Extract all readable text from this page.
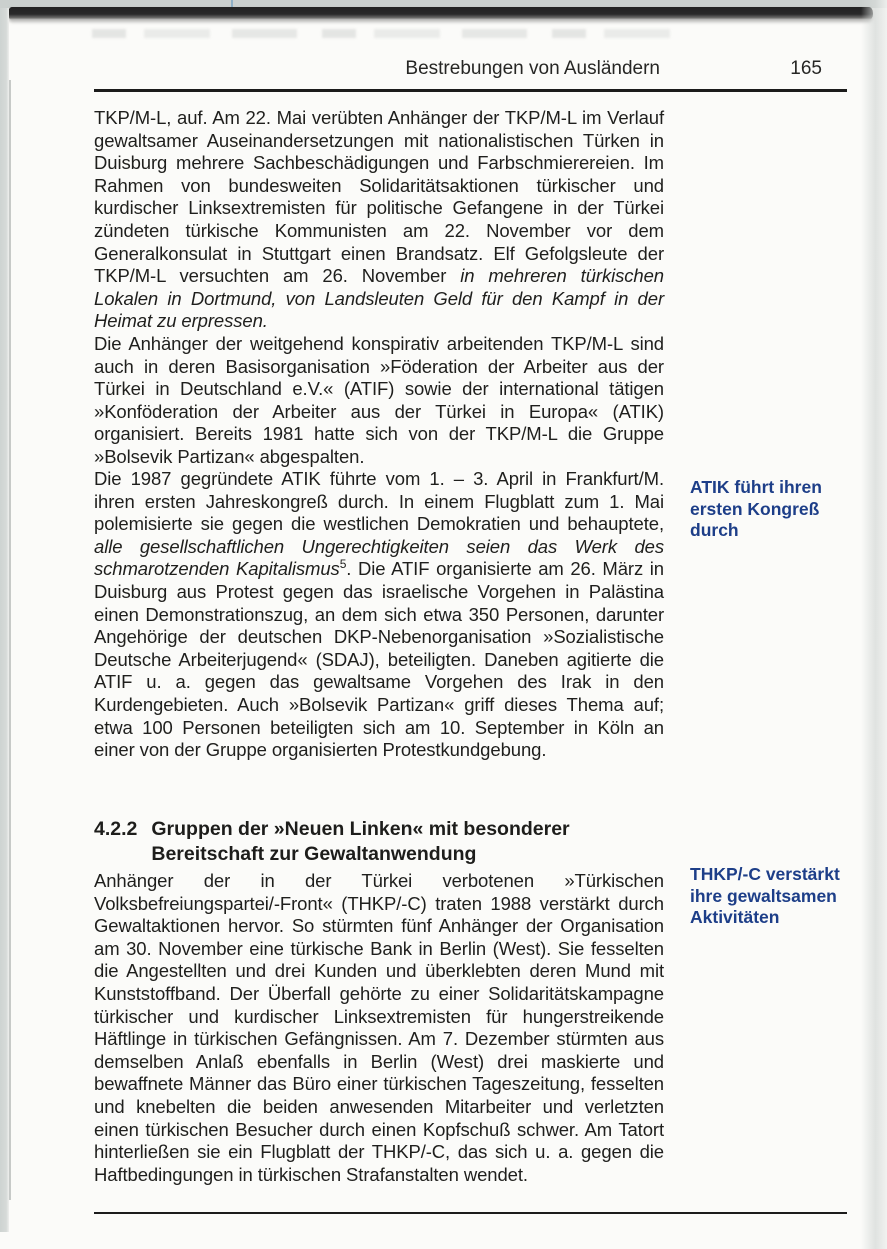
Bestrebungen von Ausländern	165

TKP/M-L, auf. Am 22. Mai verübten Anhänger der TKP/M-L im Verlauf gewaltsamer Auseinandersetzungen mit nationalistischen Türken in Duisburg mehrere Sachbeschädigungen und Farbschmierereien. Im Rahmen von bundesweiten Solidaritätsaktionen türkischer und kurdischer Linksextremisten für politische Gefangene in der Türkei zündeten türkische Kommunisten am 22. November vor dem Generalkonsulat in Stuttgart einen Brandsatz. Elf Gefolgsleute der TKP/M-L versuchten am 26. November in mehreren türkischen Lokalen in Dortmund, von Landsleuten Geld für den Kampf in der Heimat zu erpressen.

Die Anhänger der weitgehend konspirativ arbeitenden TKP/M-L sind auch in deren Basisorganisation »Föderation der Arbeiter aus der Türkei in Deutschland e.V.« (ATIF) sowie der international tätigen »Konföderation der Arbeiter aus der Türkei in Europa« (ATIK) organisiert. Bereits 1981 hatte sich von der TKP/M-L die Gruppe »Bolsevik Partizan« abgespalten.

Die 1987 gegründete ATIK führte vom 1. – 3. April in Frankfurt/M. ihren ersten Jahreskongreß durch. In einem Flugblatt zum 1. Mai polemisierte sie gegen die westlichen Demokratien und behauptete, alle gesellschaftlichen Ungerechtigkeiten seien das Werk des schmarotzenden Kapitalismus$^5$. Die ATIF organisierte am 26. März in Duisburg aus Protest gegen das israelische Vorgehen in Palästina einen Demonstrationszug, an dem sich etwa 350 Personen, darunter Angehörige der deutschen DKP-Nebenorganisation »Sozialistische Deutsche Arbeiterjugend« (SDAJ), beteiligten. Daneben agitierte die ATIF u. a. gegen das gewaltsame Vorgehen des Irak in den Kurdengebieten. Auch »Bolsevik Partizan« griff dieses Thema auf; etwa 100 Personen beteiligten sich am 10. September in Köln an einer von der Gruppe organisierten Protestkundgebung.

4.2.2 Gruppen der »Neuen Linken« mit besonderer Bereitschaft zur Gewaltanwendung

Anhänger der in der Türkei verbotenen »Türkischen Volksbefreiungspartei/-Front« (THKP/-C) traten 1988 verstärkt durch Gewaltaktionen hervor. So stürmten fünf Anhänger der Organisation am 30. November eine türkische Bank in Berlin (West). Sie fesselten die Angestellten und drei Kunden und überklebten deren Mund mit Kunststoffband. Der Überfall gehörte zu einer Solidaritätskampagne türkischer und kurdischer Linksextremisten für hungerstreikende Häftlinge in türkischen Gefängnissen. Am 7. Dezember stürmten aus demselben Anlaß ebenfalls in Berlin (West) drei maskierte und bewaffnete Männer das Büro einer türkischen Tageszeitung, fesselten und knebelten die beiden anwesenden Mitarbeiter und verletzten einen türkischen Besucher durch einen Kopfschuß schwer. Am Tatort hinterließen sie ein Flugblatt der THKP/-C, das sich u. a. gegen die Haftbedingungen in türkischen Strafanstalten wendet.

ATIK führt ihren ersten Kongreß durch
THKP/-C verstärkt ihre gewaltsamen Aktivitäten
